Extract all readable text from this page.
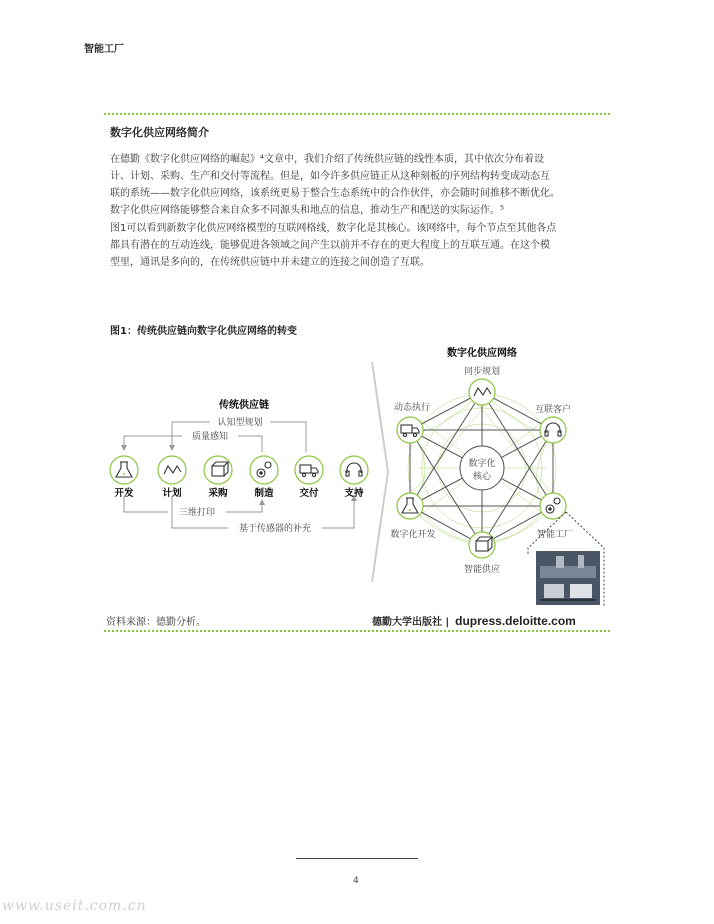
智能工厂
数字化供应网络简介
在德勤《数字化供应网络的崛起》⁴文章中，我们介绍了传统供应链的线性本质，其中依次分布着设
计、计划、采购、生产和交付等流程。但是，如今许多供应链正从这种刻板的序列结构转变成动态互
联的系统——数字化供应网络，该系统更易于整合生态系统中的合作伙伴，亦会随时间推移不断优化。
数字化供应网络能够整合来自众多不同源头和地点的信息，推动生产和配送的实际运作。⁵
图1可以看到新数字化供应网络模型的互联网格线，数字化是其核心。该网络中，每个节点至其他各点
都具有潜在的互动连线，能够促进各领域之间产生以前并不存在的更大程度上的互联互通。在这个模
型里，通讯是多向的，在传统供应链中并未建立的连接之间创造了互联。
图1：传统供应链向数字化供应网络的转变
传统供应链
认知型规划
质量感知
三维打印
基于传感器的补充
开发	计划	采购	制造	交付	支持
数字化供应网络
数字化
核心
同步规划
互联客户
智能工厂
智能供应
数字化开发
动态执行
资料来源：德勤分析。	德勤大学出版社 | dupress.deloitte.com
4
www.useit.com.cn
